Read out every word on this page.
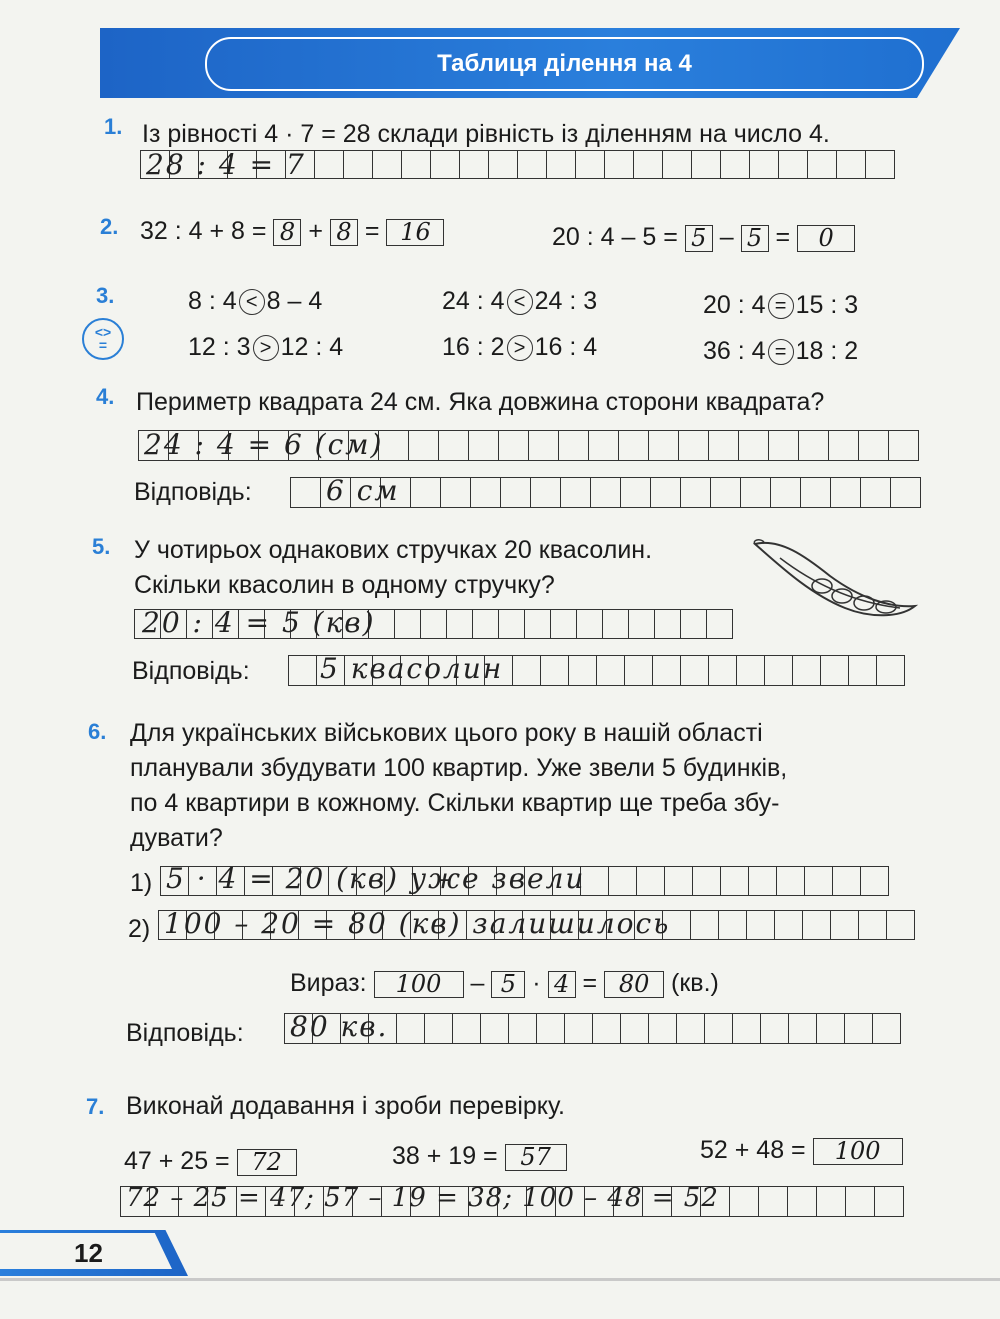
Таблиця ділення на 4
1. Із рівності 4 · 7 = 28 склади рівність із діленням на число 4.
28 : 4 = 7
2. 32 : 4 + 8 = 8 + 8 = 16	20 : 4 – 5 = 5 – 5 = 0
3.
<>
=
8 : 4 < 8 – 4	24 : 4 < 24 : 3	20 : 4 = 15 : 3
12 : 3 > 12 : 4	16 : 2 > 16 : 4	36 : 4 = 18 : 2
4. Периметр квадрата 24 см. Яка довжина сторони квадрата?
24 : 4 = 6 (см)
Відповідь:	6 см
5. У чотирьох однакових стручках 20 квасолин.
Скільки квасолин в одному стручку?
20 : 4 = 5 (кв)
Відповідь:	5 квасолин
6. Для українських військових цього року в нашій області
планували збудувати 100 квартир. Уже звели 5 будинків,
по 4 квартири в кожному. Скільки квартир ще треба збу-
дувати?
1) 5 · 4 = 20 (кв) уже звели
2) 100 – 20 = 80 (кв) залишилось
Вираз: 100 – 5 · 4 = 80 (кв.)
Відповідь: 80 кв.
7. Виконай додавання і зроби перевірку.
47 + 25 = 72	38 + 19 = 57	52 + 48 = 100
72 – 25 = 47; 57 – 19 = 38; 100 – 48 = 52
12
